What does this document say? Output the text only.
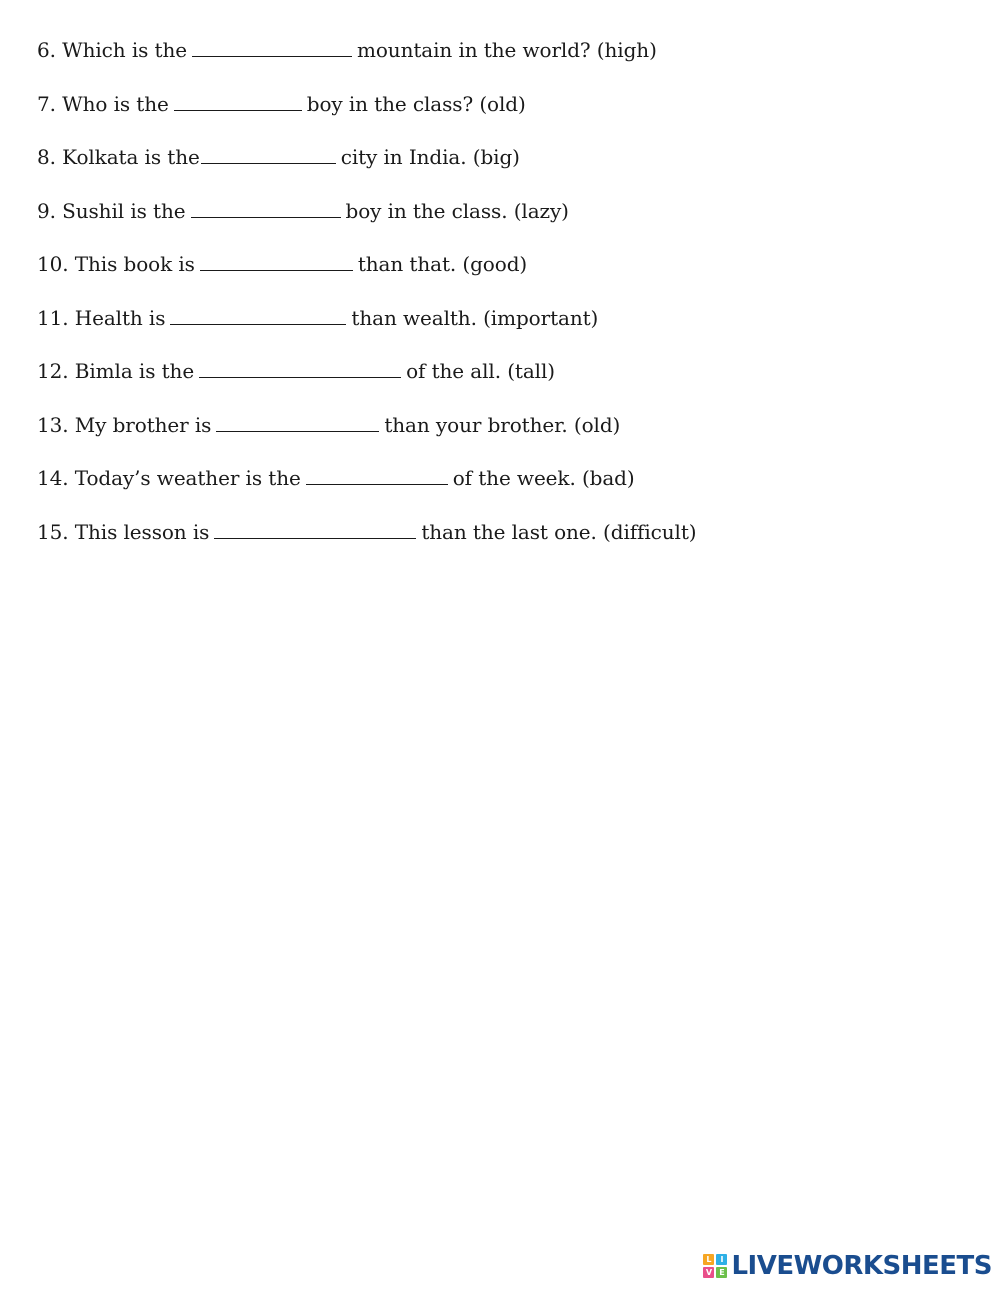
6. Which is the	mountain in the world? (high)
7. Who is the	boy in the class? (old)
8. Kolkata is the	city in India. (big)
9. Sushil is the	boy in the class. (lazy)
10. This book is	than that. (good)
11. Health is	than wealth. (important)
12. Bimla is the	of the all. (tall)
13. My brother is	than your brother. (old)
14. Today’s weather is the	of the week. (bad)
15. This lesson is	than the last one. (difficult)
L	I
V E LIVEWORKSHEETS
